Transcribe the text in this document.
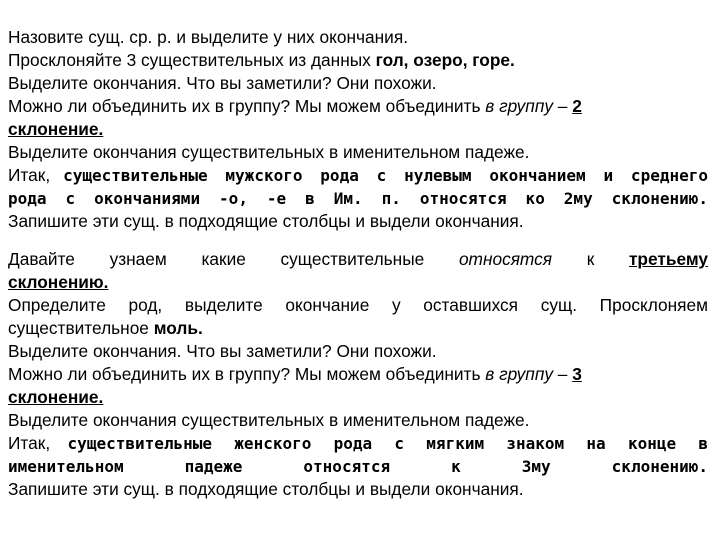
Назовите сущ. ср. р. и выделите у них окончания.

Просклоняйте 3 существительных из данных гол, озеро, горе.

Выделите окончания. Что вы заметили? Они похожи.

Можно ли объединить их в группу? Мы можем объединить в группу – 2
склонение.

Выделите окончания существительных в именительном падеже.

Итак, существительные мужского рода с нулевым окончанием и среднего рода с окончаниями -о, -е в Им. п. относятся ко 2му склонению.

Запишите эти сущ. в подходящие столбцы и выдели окончания.

Давайте узнаем какие существительные относятся к третьему

склонению.

Определите род, выделите окончание у оставшихся сущ. Просклоняем существительное моль.

Выделите окончания. Что вы заметили? Они похожи.

Можно ли объединить их в группу? Мы можем объединить в группу – 3
склонение.

Выделите окончания существительных в именительном падеже.

Итак, существительные женского рода с мягким знаком на конце в именительном падеже относятся к 3му склонению.

Запишите эти сущ. в подходящие столбцы и выдели окончания.
